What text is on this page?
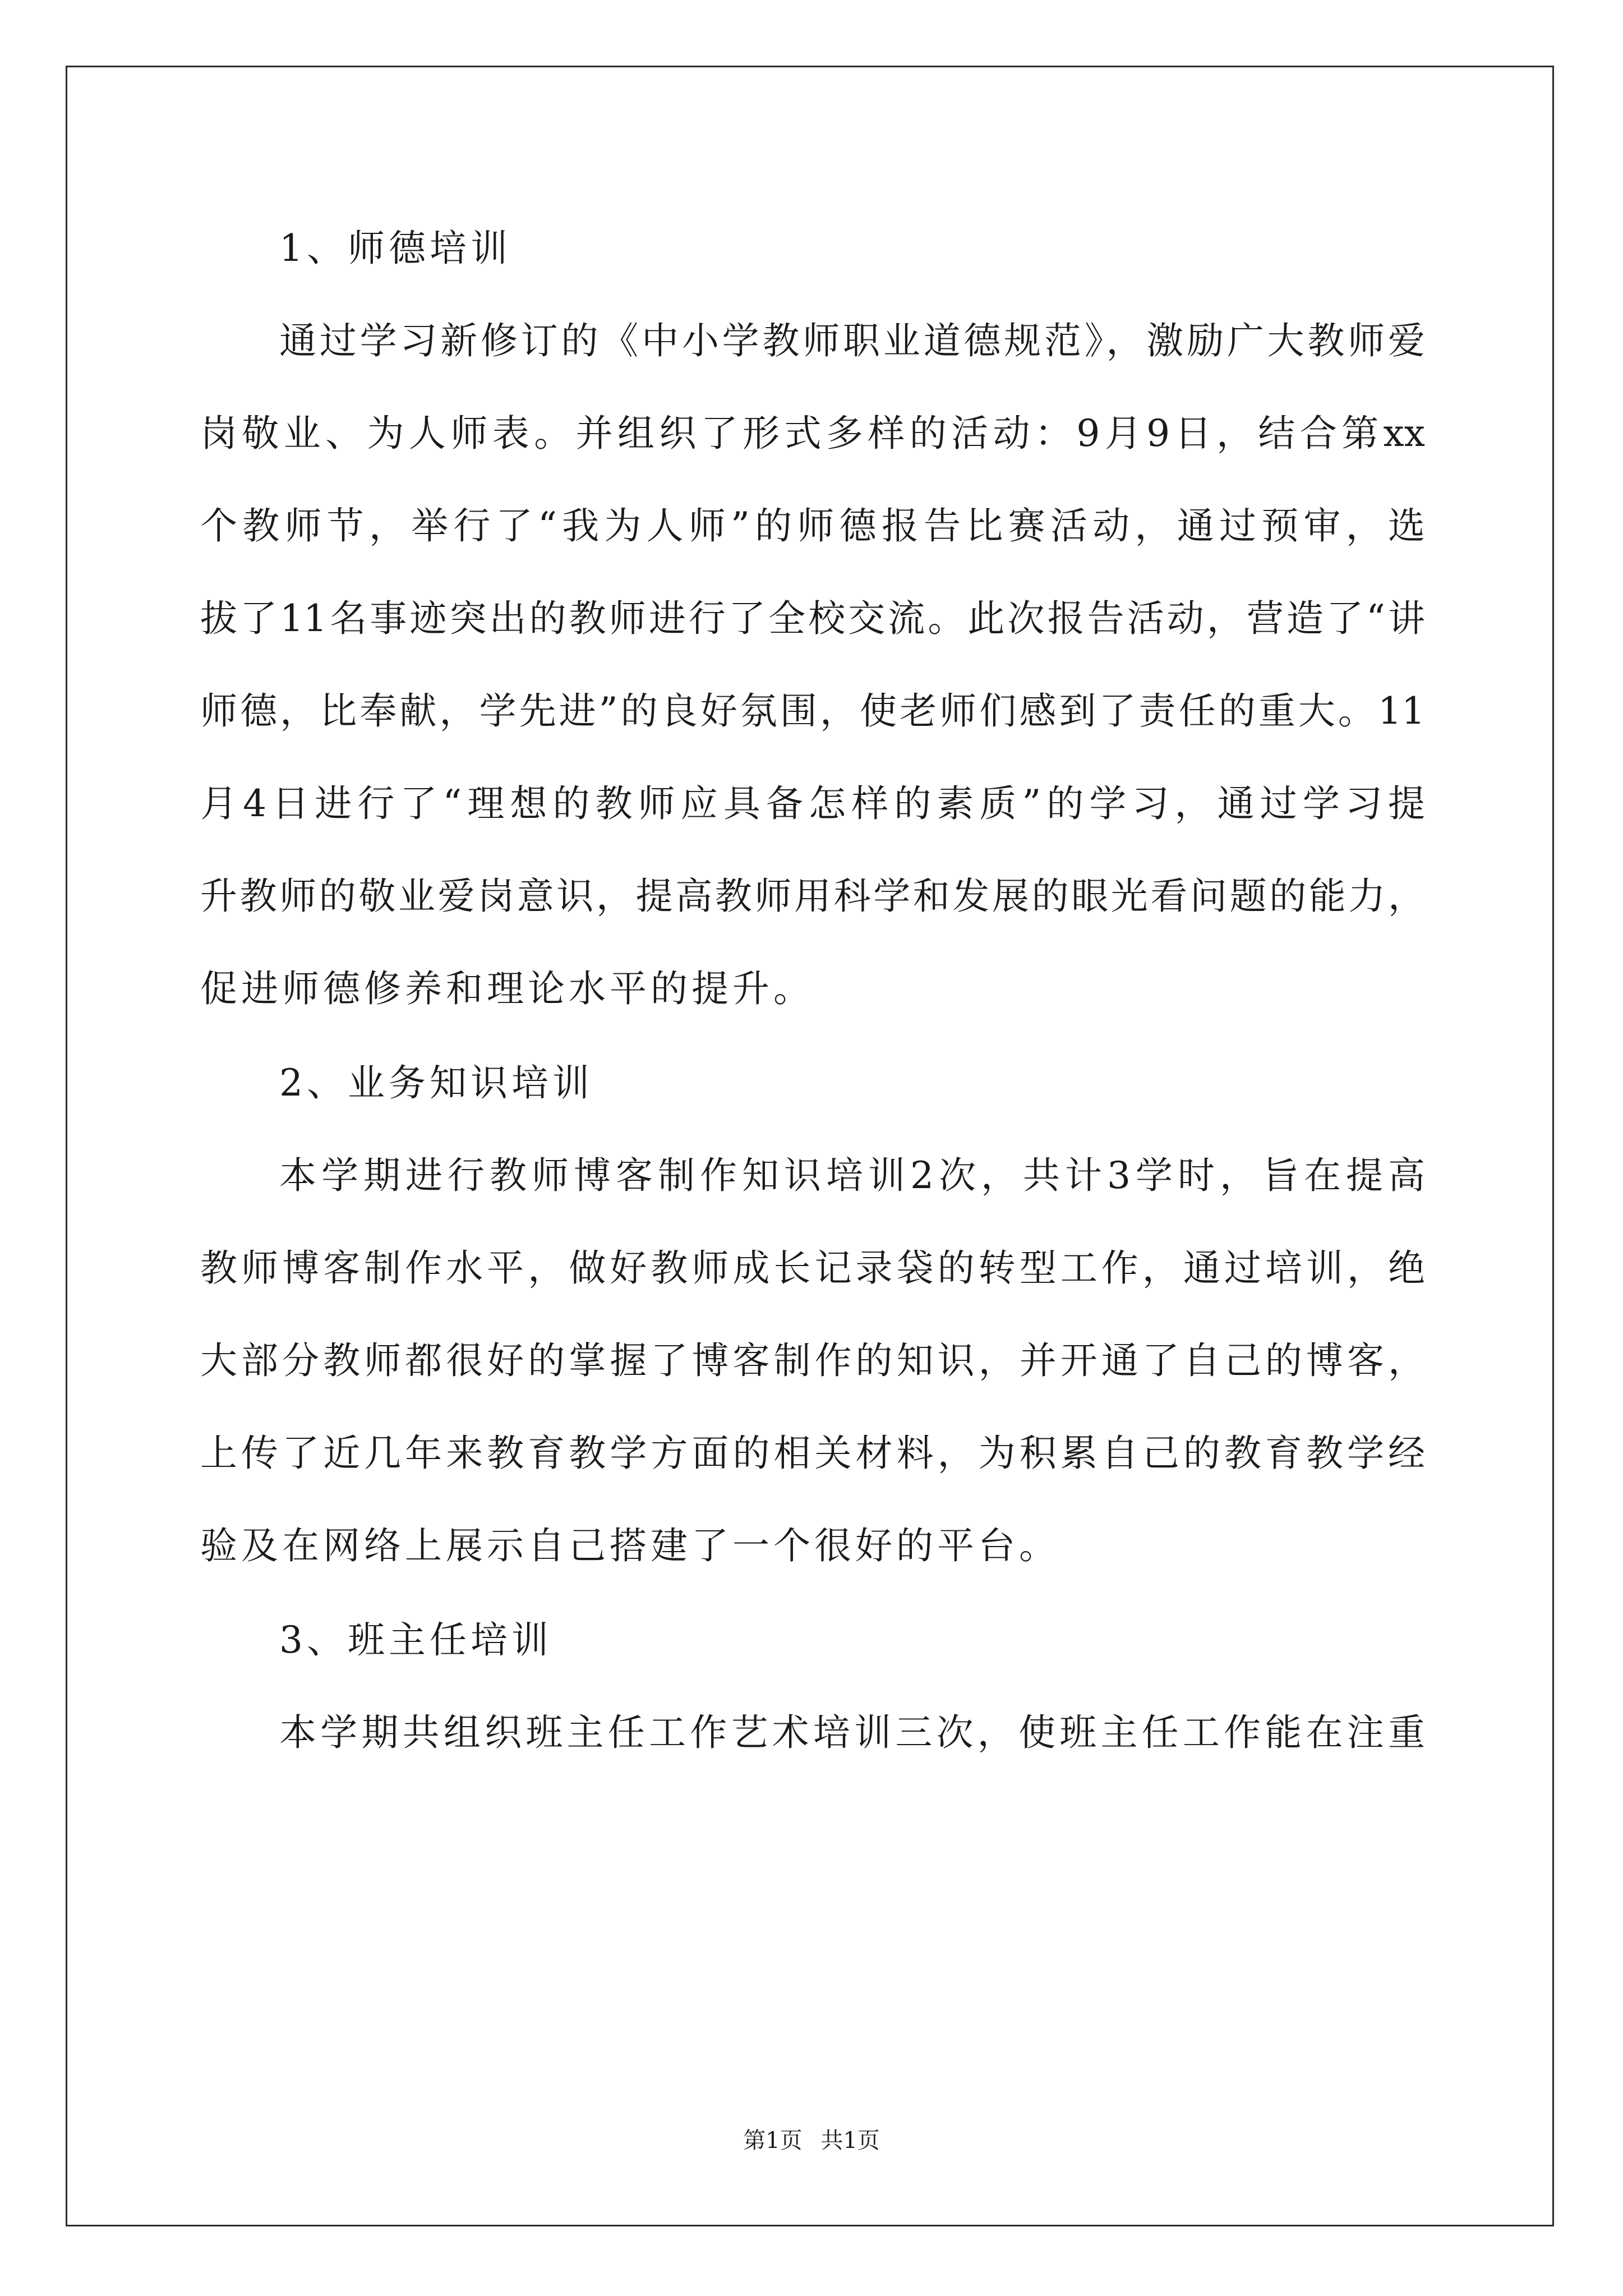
1、师德培训
通过学习新修订的《中小学教师职业道德规范》，激励广大教师爱
岗敬业、为人师表。并组织了形式多样的活动：9月9日，结合第xx
个教师节，举行了“我为人师”的师德报告比赛活动，通过预审，选
拔了11名事迹突出的教师进行了全校交流。此次报告活动，营造了“讲
师德，比奉献，学先进”的良好氛围，使老师们感到了责任的重大。11
月4日进行了“理想的教师应具备怎样的素质”的学习，通过学习提
升教师的敬业爱岗意识，提高教师用科学和发展的眼光看问题的能力，
促进师德修养和理论水平的提升。
2、业务知识培训
本学期进行教师博客制作知识培训2次，共计3学时，旨在提高
教师博客制作水平，做好教师成长记录袋的转型工作，通过培训，绝
大部分教师都很好的掌握了博客制作的知识，并开通了自己的博客，
上传了近几年来教育教学方面的相关材料，为积累自己的教育教学经
验及在网络上展示自己搭建了一个很好的平台。
3、班主任培训
本学期共组织班主任工作艺术培训三次，使班主任工作能在注重
第1页 共1页
